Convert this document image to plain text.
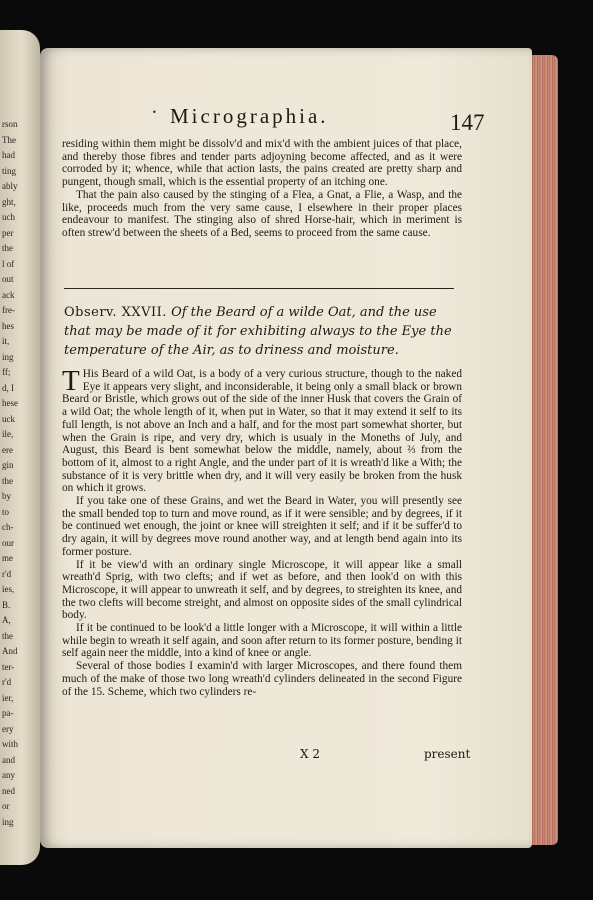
rson
The
had
ting
ably
ght,
uch
per
the
l of
out
ack
fre-
hes
it,
ing
ff;
d, I
hese
uck
ile,
ere
gin
the
by
to
ch-
our
me
r'd
ies,
B.
A,
the
And
ter-
r'd
ier,
pa-
ery
with
and
any
ned
or
ing
• Micrographia.	147

residing within them might be dissolv'd and mix'd with the ambient juices of that place, and thereby those fibres and tender parts adjoyning become affected, and as it were corroded by it; whence, while that action lasts, the pains created are pretty sharp and pungent, though small, which is the essential property of an itching one.

That the pain also caused by the stinging of a Flea, a Gnat, a Flie, a Wasp, and the like, proceeds much from the very same cause, I elsewhere in their proper places endeavour to manifest. The stinging also of shred Horse-hair, which in meriment is often strew'd between the sheets of a Bed, seems to proceed from the same cause.

Observ. XXVII. Of the Beard of a wilde Oat, and the use that may be made of it for exhibiting always to the Eye the temperature of the Air, as to driness and moisture.

T His Beard of a wild Oat, is a body of a very curious structure, though to the naked Eye it appears very slight, and inconsiderable, it being only a small black or brown Beard or Bristle, which grows out of the side of the inner Husk that covers the Grain of a wild Oat; the whole length of it, when put in Water, so that it may extend it self to its full length, is not above an Inch and a half, and for the most part somewhat shorter, but when the Grain is ripe, and very dry, which is usualy in the Moneths of July, and August, this Beard is bent somewhat below the middle, namely, about ⅔ from the bottom of it, almost to a right Angle, and the under part of it is wreath'd like a With; the substance of it is very brittle when dry, and it will very easily be broken from the husk on which it grows.

If you take one of these Grains, and wet the Beard in Water, you will presently see the small bended top to turn and move round, as if it were sensible; and by degrees, if it be continued wet enough, the joint or knee will streighten it self; and if it be suffer'd to dry again, it will by degrees move round another way, and at length bend again into its former posture.

If it be view'd with an ordinary single Microscope, it will appear like a small wreath'd Sprig, with two clefts; and if wet as before, and then look'd on with this Microscope, it will appear to unwreath it self, and by degrees, to streighten its knee, and the two clefts will become streight, and almost on opposite sides of the small cylindrical body.

If it be continued to be look'd a little longer with a Microscope, it will within a little while begin to wreath it self again, and soon after return to its former posture, bending it self again neer the middle, into a kind of knee or angle.

Several of those bodies I examin'd with larger Microscopes, and there found them much of the make of those two long wreath'd cylinders delineated in the second Figure of the 15. Scheme, which two cylinders re-

X 2	present
